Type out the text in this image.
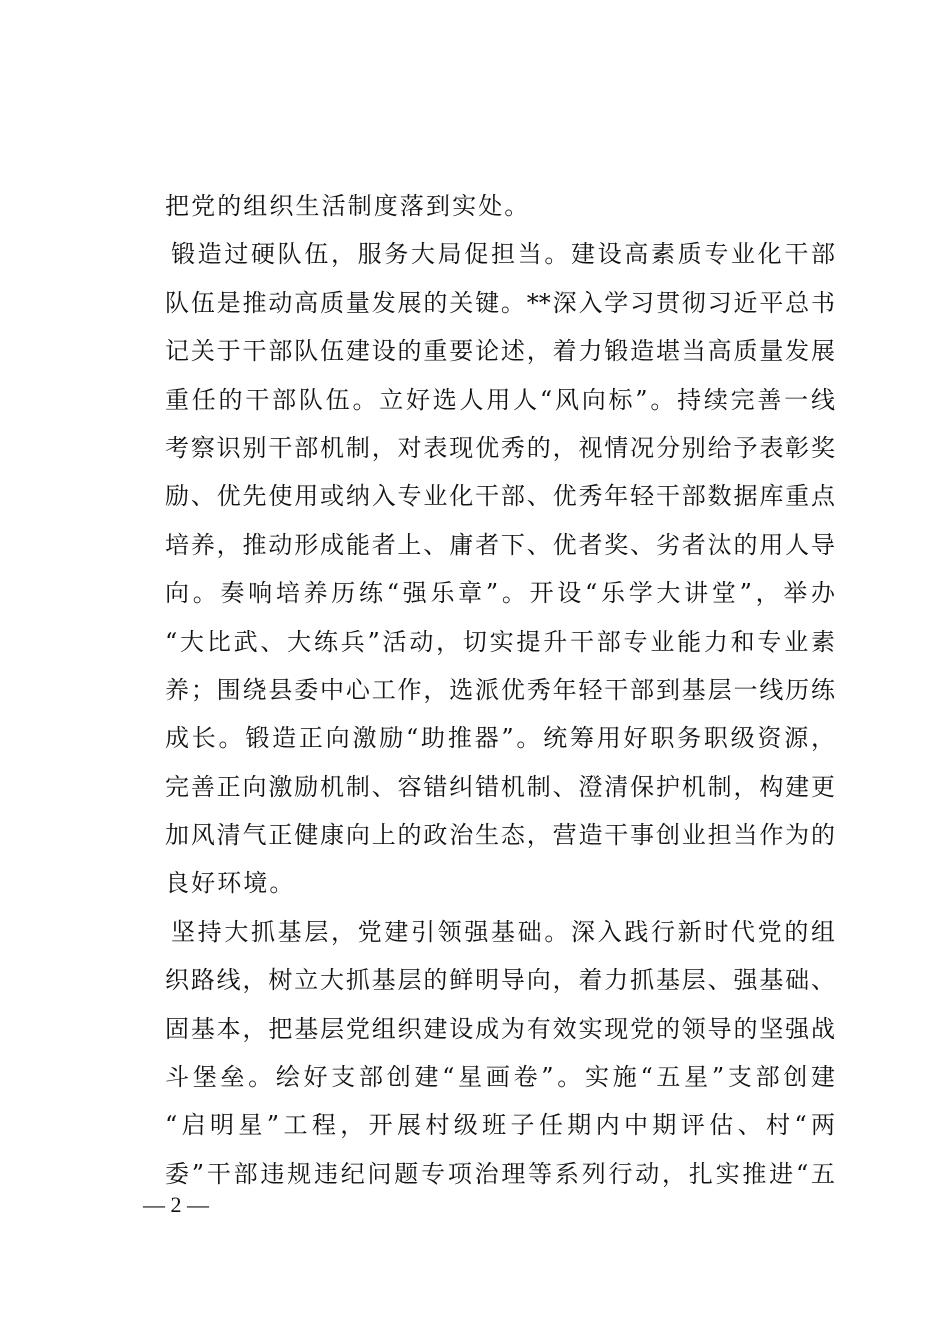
把党的组织生活制度落到实处。
锻造过硬队伍，服务大局促担当。建设高素质专业化干部
队伍是推动高质量发展的关键。**深入学习贯彻习近平总书
记关于干部队伍建设的重要论述，着力锻造堪当高质量发展
重任的干部队伍。立好选人用人“风向标”。持续完善一线
考察识别干部机制，对表现优秀的，视情况分别给予表彰奖
励、优先使用或纳入专业化干部、优秀年轻干部数据库重点
培养，推动形成能者上、庸者下、优者奖、劣者汰的用人导
向。奏响培养历练“强乐章”。开设“乐学大讲堂”，举办
“大比武、大练兵”活动，切实提升干部专业能力和专业素
养；围绕县委中心工作，选派优秀年轻干部到基层一线历练
成长。锻造正向激励“助推器”。统筹用好职务职级资源，
完善正向激励机制、容错纠错机制、澄清保护机制，构建更
加风清气正健康向上的政治生态，营造干事创业担当作为的
良好环境。
坚持大抓基层，党建引领强基础。深入践行新时代党的组
织路线，树立大抓基层的鲜明导向，着力抓基层、强基础、
固基本，把基层党组织建设成为有效实现党的领导的坚强战
斗堡垒。绘好支部创建“星画卷”。实施“五星”支部创建
“启明星”工程，开展村级班子任期内中期评估、村“两
委”干部违规违纪问题专项治理等系列行动，扎实推进“五
— 2 —
